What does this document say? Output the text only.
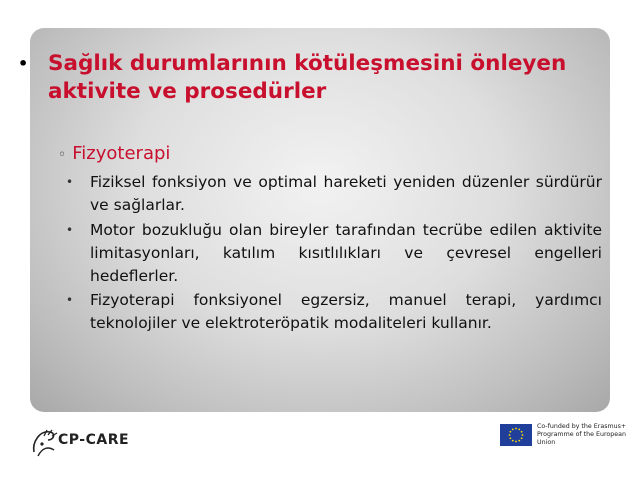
• Sağlık durumlarının kötüleşmesini önleyen aktivite ve prosedürler
◦ Fizyoterapi
•	Fiziksel fonksiyon ve optimal hareketi yeniden düzenler sürdürür ve sağlarlar.
•	Motor bozukluğu olan bireyler tarafından tecrübe edilen aktivite limitasyonları, katılım kısıtlılıkları ve çevresel engelleri hedeflerler.
•	Fizyoterapi fonksiyonel egzersiz, manuel terapi, yardımcı teknolojiler ve elektroteröpatik modaliteleri kullanır.
CP-CARE
Co-funded by the Erasmus+ Programme of the European Union
